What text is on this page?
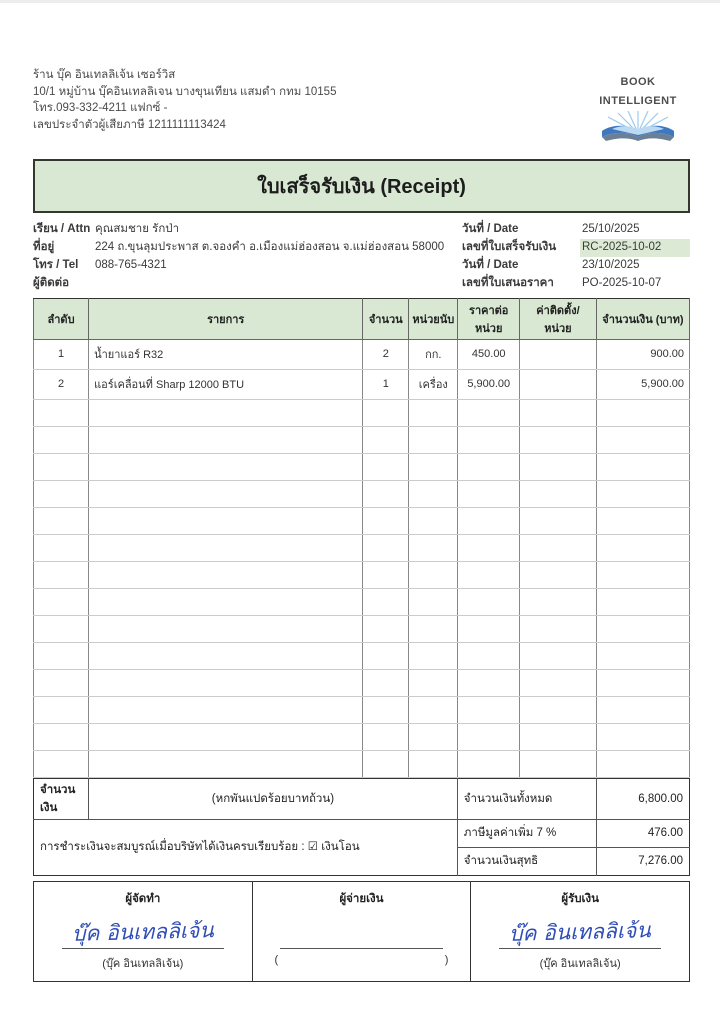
ร้าน บุ๊ค อินเทลลิเจ้น เซอร์วิส
10/1 หมู่บ้าน บุ๊คอินเทลลิเจน บางขุนเทียน แสมดำ กทม 10155
โทร.093-332-4211 แฟกซ์ -
เลขประจำตัวผู้เสียภาษี 1211111113424
BOOK
INTELLIGENT
ใบเสร็จรับเงิน (Receipt)
เรียน / Attn คุณสมชาย รักป่า
ที่อยู่	224 ถ.ขุนลุมประพาส ต.จองคำ อ.เมืองแม่ฮ่องสอน จ.แม่ฮ่องสอน 58000
โทร / Tel	088-765-4321
ผู้ติดต่อ
วันที่ / Date	25/10/2025
เลขที่ใบเสร็จรับเงิน	RC-2025-10-02
วันที่ / Date	23/10/2025
เลขที่ใบเสนอราคา	PO-2025-10-07
ลำดับ	รายการ	จำนวน	หน่วยนับ	ราคาต่อหน่วย	ค่าติดตั้ง/หน่วย	จำนวนเงิน (บาท)
1	น้ำยาแอร์ R32	2	กก.	450.00		900.00
2	แอร์เคลื่อนที่ Sharp 12000 BTU	1	เครื่อง	5,900.00		5,900.00

จำนวนเงิน	(หกพันแปดร้อยบาทถ้วน)	จำนวนเงินทั้งหมด	6,800.00
การชำระเงินจะสมบูรณ์เมื่อบริษัทได้เงินครบเรียบร้อย : ☑ เงินโอน		ภาษีมูลค่าเพิ่ม 7 %	476.00
		จำนวนเงินสุทธิ	7,276.00
ผู้จัดทำ
บุ๊ค อินเทลลิเจ้น
(บุ๊ค อินเทลลิเจ้น)

ผู้จ่ายเงิน
(	)

ผู้รับเงิน
บุ๊ค อินเทลลิเจ้น
(บุ๊ค อินเทลลิเจ้น)
